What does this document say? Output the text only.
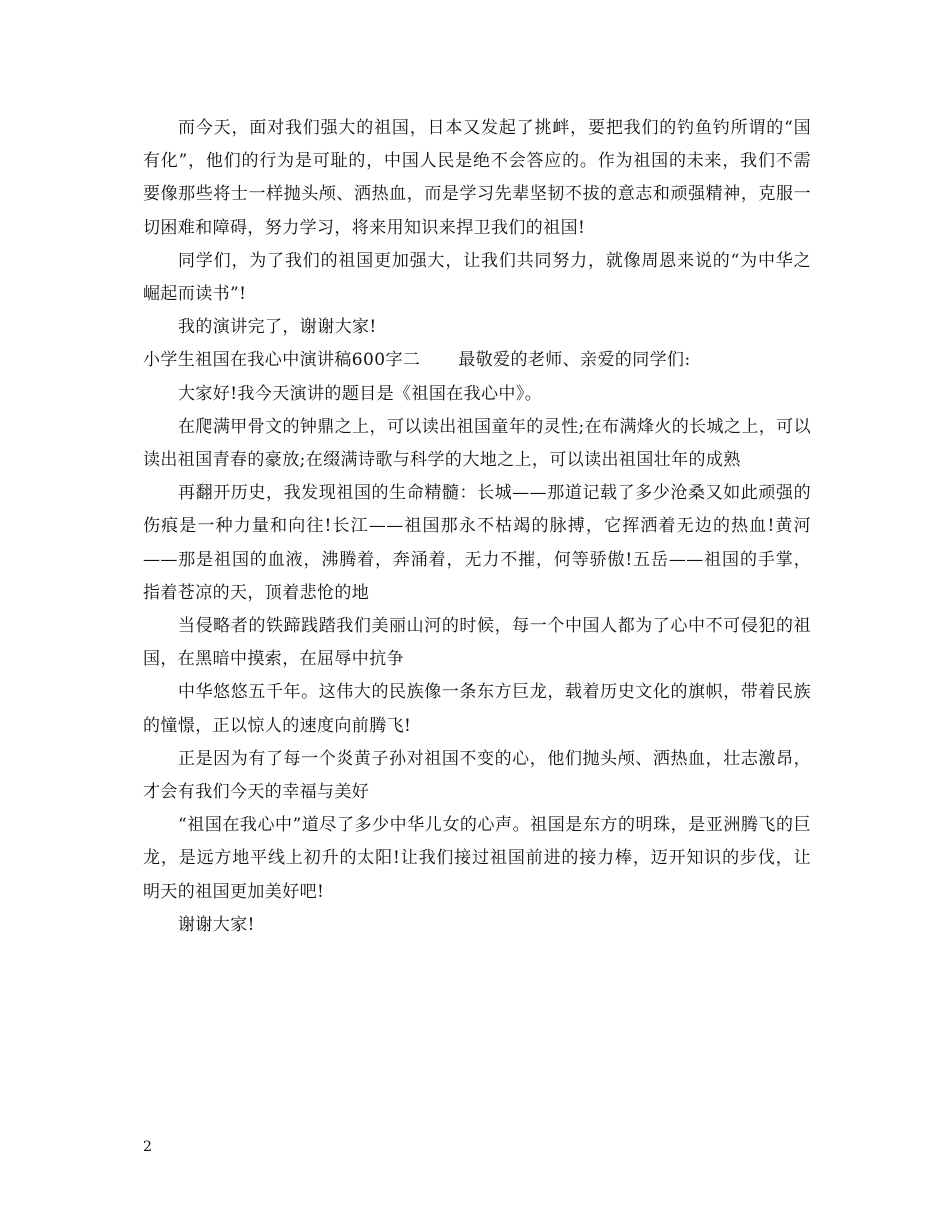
而今天，面对我们强大的祖国，日本又发起了挑衅，要把我们的钓鱼钓所谓的“国有化”，他们的行为是可耻的，中国人民是绝不会答应的。作为祖国的未来，我们不需要像那些将士一样抛头颅、洒热血，而是学习先辈坚韧不拔的意志和顽强精神，克服一切困难和障碍，努力学习，将来用知识来捍卫我们的祖国!

同学们，为了我们的祖国更加强大，让我们共同努力，就像周恩来说的“为中华之崛起而读书”!

我的演讲完了，谢谢大家!

小学生祖国在我心中演讲稿600字二 最敬爱的老师、亲爱的同学们:

大家好!我今天演讲的题目是《祖国在我心中》。

在爬满甲骨文的钟鼎之上，可以读出祖国童年的灵性;在布满烽火的长城之上，可以读出祖国青春的豪放;在缀满诗歌与科学的大地之上，可以读出祖国壮年的成熟

再翻开历史，我发现祖国的生命精髓：长城——那道记载了多少沧桑又如此顽强的伤痕是一种力量和向往!长江——祖国那永不枯竭的脉搏，它挥洒着无边的热血!黄河——那是祖国的血液，沸腾着，奔涌着，无力不摧，何等骄傲!五岳——祖国的手掌，指着苍凉的天，顶着悲怆的地

当侵略者的铁蹄践踏我们美丽山河的时候，每一个中国人都为了心中不可侵犯的祖国，在黑暗中摸索，在屈辱中抗争

中华悠悠五千年。这伟大的民族像一条东方巨龙，载着历史文化的旗帜，带着民族的憧憬，正以惊人的速度向前腾飞!

正是因为有了每一个炎黄子孙对祖国不变的心，他们抛头颅、洒热血，壮志激昂，才会有我们今天的幸福与美好

“祖国在我心中”道尽了多少中华儿女的心声。祖国是东方的明珠，是亚洲腾飞的巨龙，是远方地平线上初升的太阳!让我们接过祖国前进的接力棒，迈开知识的步伐，让明天的祖国更加美好吧!

谢谢大家!

2
